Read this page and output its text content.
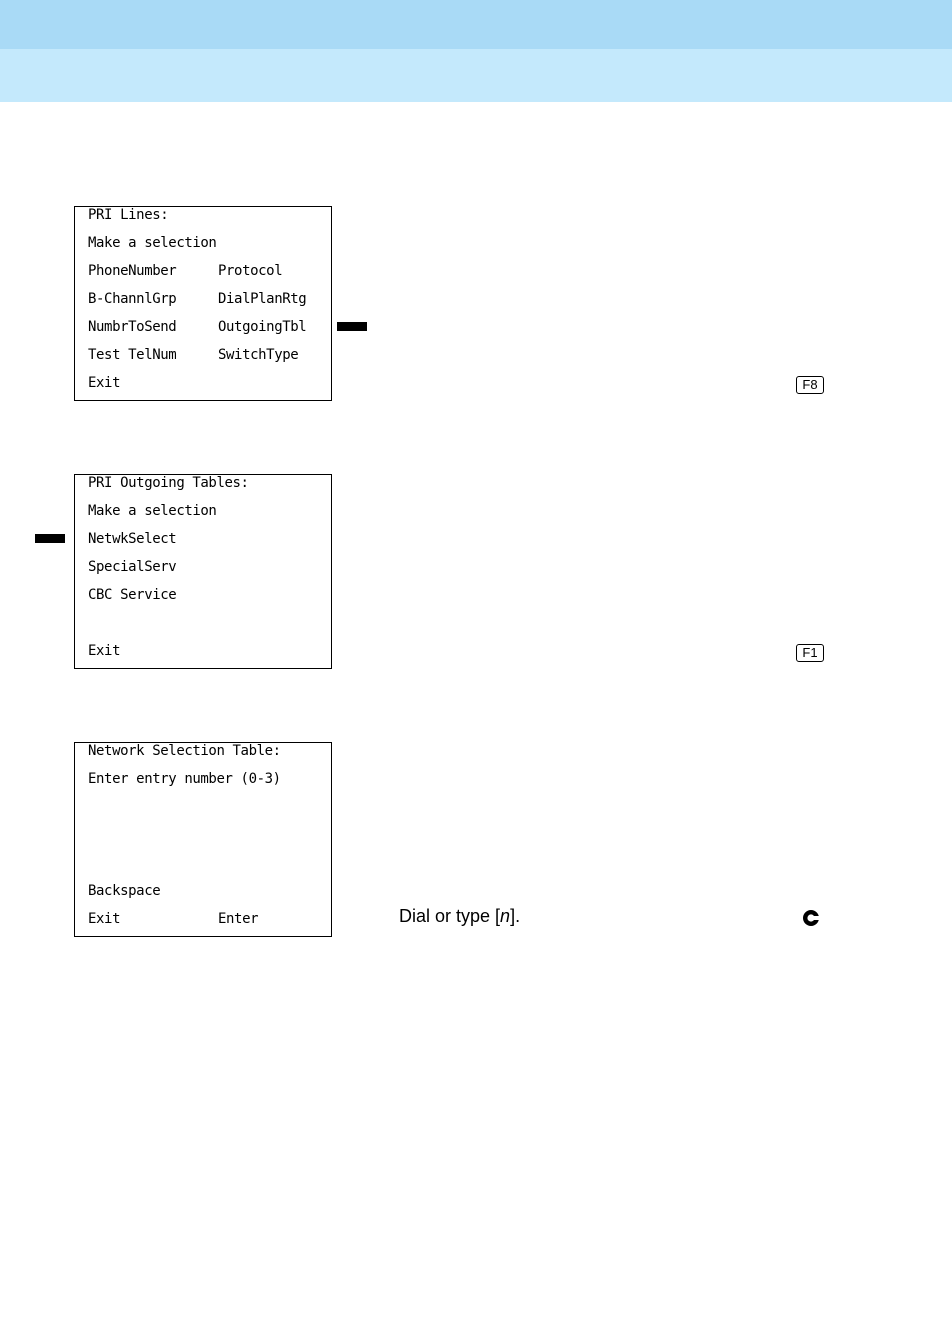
PRI Lines:
Make a selection
PhoneNumber	Protocol
B-ChannlGrp	DialPlanRtg
NumbrToSend	OutgoingTbl
Test TelNum	SwitchType
Exit	F8
PRI Outgoing Tables:
Make a selection
NetwkSelect
SpecialServ
CBC Service
Exit	F1
Network Selection Table:
Enter entry number (0-3)
Backspace
Exit	Enter	Dial or type [n].
